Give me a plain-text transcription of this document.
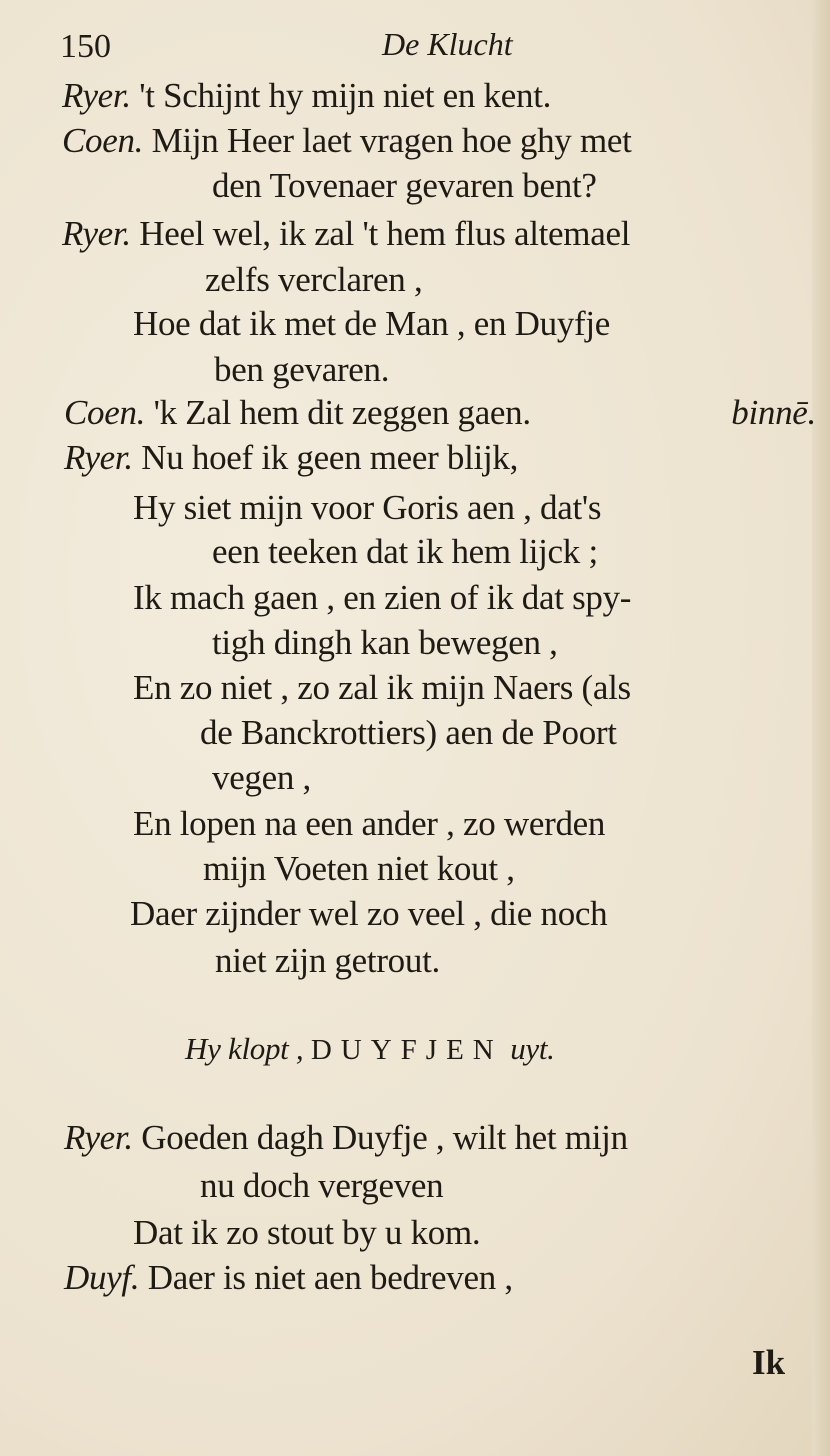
150	De Klucht
Ryer. 't Schijnt hy mijn niet en kent.
Coen. Mijn Heer laet vragen hoe ghy met
den Tovenaer gevaren bent?
Ryer. Heel wel, ik zal 't hem flus altemael
zelfs verclaren ,
Hoe dat ik met de Man , en Duyfje
ben gevaren.
Coen. 'k Zal hem dit zeggen gaen.	binnē.
Ryer. Nu hoef ik geen meer blijk,
Hy siet mijn voor Goris aen , dat's
een teeken dat ik hem lijck ;
Ik mach gaen , en zien of ik dat spy-
tigh dingh kan bewegen ,
En zo niet , zo zal ik mijn Naers (als
de Banckrottiers) aen de Poort
vegen ,
En lopen na een ander , zo werden
mijn Voeten niet kout ,
Daer zijnder wel zo veel , die noch
niet zijn getrout.
Hy klopt , DUYFJEN uyt.
Ryer. Goeden dagh Duyfje , wilt het mijn
nu doch vergeven
Dat ik zo stout by u kom.
Duyf. Daer is niet aen bedreven ,
Ik
